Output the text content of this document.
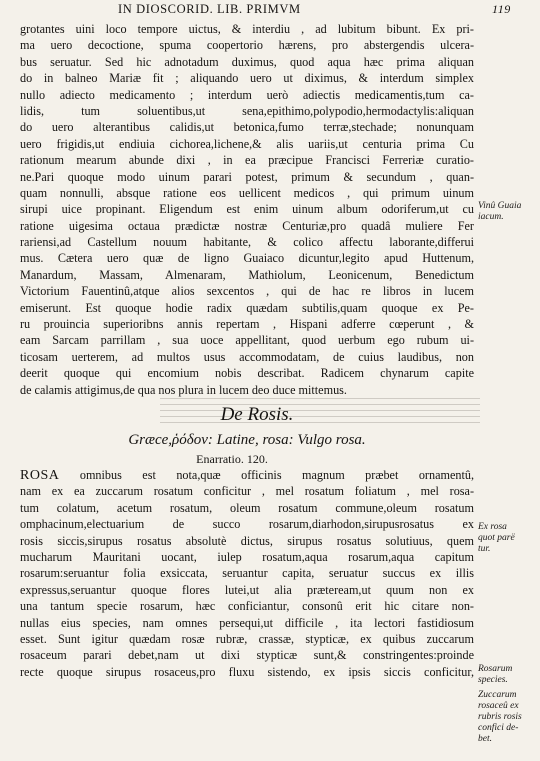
IN DIOSCORID. LIB. PRIMVM	119
grotantes uini loco tempore uictus, & interdiu , ad lubitum bibunt. Ex pri-
ma uero decoctione, spuma coopertorio hærens, pro abstergendis ulcera-
bus seruatur. Sed hic adnotadum duximus, quod aqua hæc prima aliquan
do in balneo Mariæ fit ; aliquando uero ut diximus, & interdum simplex
nullo adiecto medicamento ; interdum uerò adiectis medicamentis,tum ca-
lidis, tum soluentibus,ut sena,epithimo,polypodio,hermodactylis:aliquan
do uero alterantibus calidis,ut betonica,fumo terræ,stechade; nonunquam
uero frigidis,ut endiuia cichorea,lichene,& alis uariis,ut centuria prima Cu
rationum mearum abunde dixi , in ea præcipue Francisci Ferreriæ curatio-
ne.Pari quoque modo uinum parari potest, primum & secundum , quan-
quam nonnulli, absque ratione eos uellicent medicos , qui primum uinum
sirupi uice propinant. Eligendum est enim uinum album odoriferum,ut cu
ratione uigesima octaua prædictæ nostræ Centuriæ,pro quadâ muliere Fer
rariensi,ad Castellum nouum habitante, & colico affectu laborante,differui
mus. Cætera uero quæ de ligno Guaiaco dicuntur,legito apud Huttenum,
Manardum, Massam, Almenaram, Mathiolum, Leonicenum, Benedictum
Victorium Fauentinû,atque alios sexcentos , qui de hac re libros in lucem
emiserunt. Est quoque hodie radix quædam subtilis,quam quoque ex Pe-
ru prouincia superioribns annis repertam , Hispani adferre cœperunt , &
eam Sarcam parrillam , sua uoce appellitant, quod uerbum ego rubum ui-
ticosam uerterem, ad multos usus accommodatam, de cuius laudibus, non
deerit quoque qui encomium nobis describat. Radicem chynarum capite
de calamis attigimus,de qua nos plura in lucem deo duce mittemus.
De Rosis.
Græce,ῥόδον: Latine, rosa: Vulgo rosa.
Enarratio. 120.
ROSA omnibus est nota,quæ officinis magnum præbet ornamentû,
nam ex ea zuccarum rosatum conficitur , mel rosatum foliatum , mel rosa-
tum colatum, acetum rosatum, oleum rosatum commune,oleum rosatum
omphacinum,electuarium de succo rosarum,diarhodon,sirupusrosatus ex
rosis siccis,sirupus rosatus absolutè dictus, sirupus rosatus solutiuus, quem
mucharum Mauritani uocant, iulep rosatum,aqua rosarum,aqua capitum
rosarum:seruantur folia exsiccata, seruantur capita, seruatur succus ex illis
expressus,seruantur quoque flores lutei,ut alia præteream,ut quum non ex
una tantum specie rosarum, hæc conficiantur, consonû erit hic citare non-
nullas eius species, nam omnes persequi,ut difficile , ita lectori fastidiosum
esset. Sunt igitur quædam rosæ rubræ, crassæ, stypticæ, ex quibus zuccarum
rosaceum parari debet,nam ut dixi stypticæ sunt,& constringentes:proinde
recte quoque sirupus rosaceus,pro fluxu sistendo, ex ipsis siccis conficitur,
Vinû Guaia
iacum.
Ex rosa
quot parë
tur.
Rosarum
species.
Zuccarum
rosaceû ex
rubris rosis
confici de-
bet.
